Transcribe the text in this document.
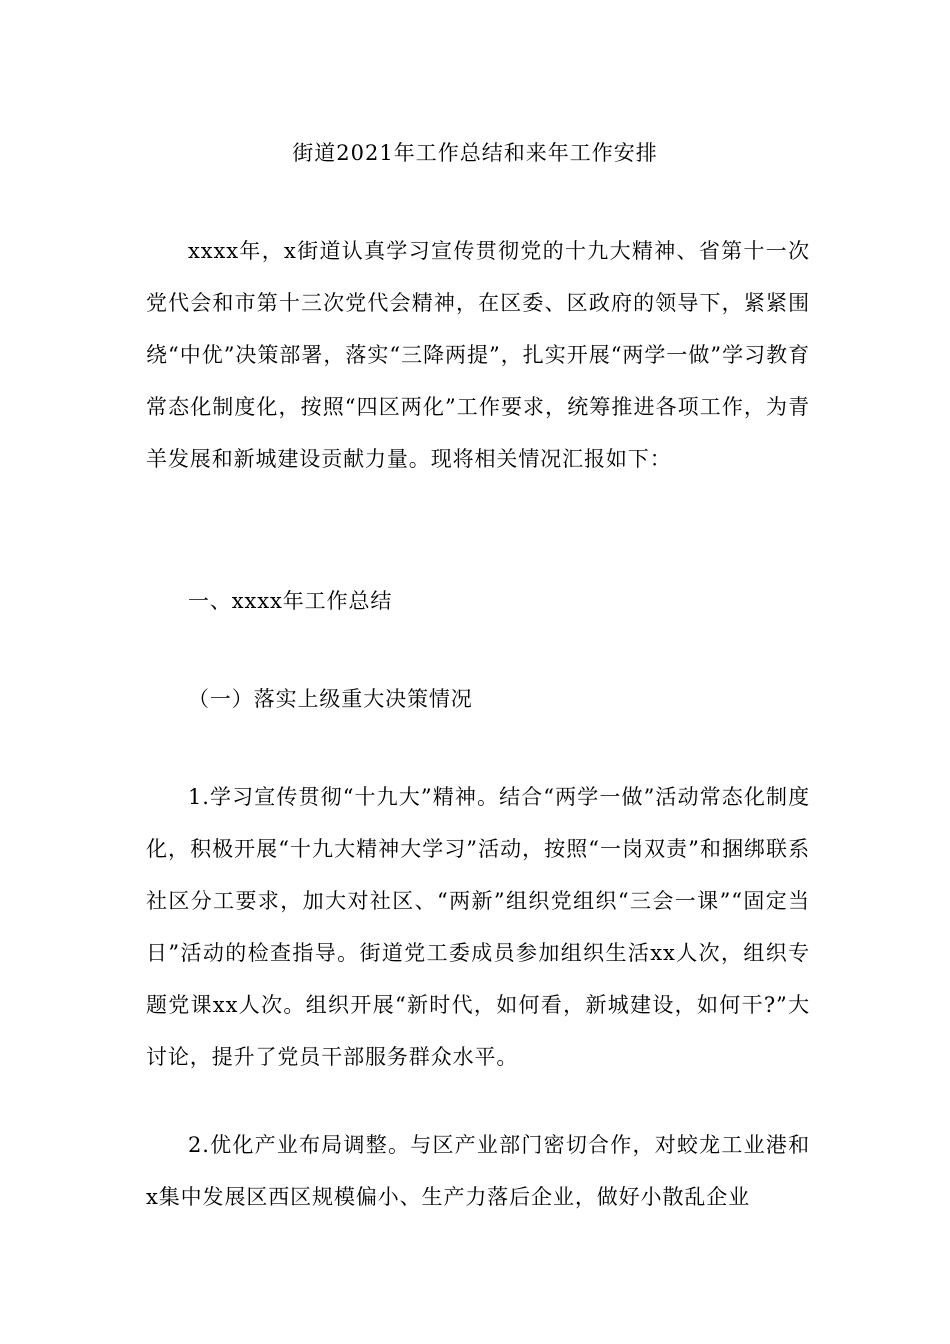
街道2021年工作总结和来年工作安排

xxxx年，x街道认真学习宣传贯彻党的十九大精神、省第十一次党代会和市第十三次党代会精神，在区委、区政府的领导下，紧紧围绕“中优”决策部署，落实“三降两提”，扎实开展“两学一做”学习教育常态化制度化，按照“四区两化”工作要求，统筹推进各项工作，为青羊发展和新城建设贡献力量。现将相关情况汇报如下：

一、xxxx年工作总结

（一）落实上级重大决策情况

1.学习宣传贯彻“十九大”精神。结合“两学一做”活动常态化制度化，积极开展“十九大精神大学习”活动，按照“一岗双责”和捆绑联系社区分工要求，加大对社区、“两新”组织党组织“三会一课”“固定当日”活动的检查指导。街道党工委成员参加组织生活xx人次，组织专题党课xx人次。组织开展“新时代，如何看，新城建设，如何干?”大讨论，提升了党员干部服务群众水平。

2.优化产业布局调整。与区产业部门密切合作，对蛟龙工业港和x集中发展区西区规模偏小、生产力落后企业，做好小散乱企业
